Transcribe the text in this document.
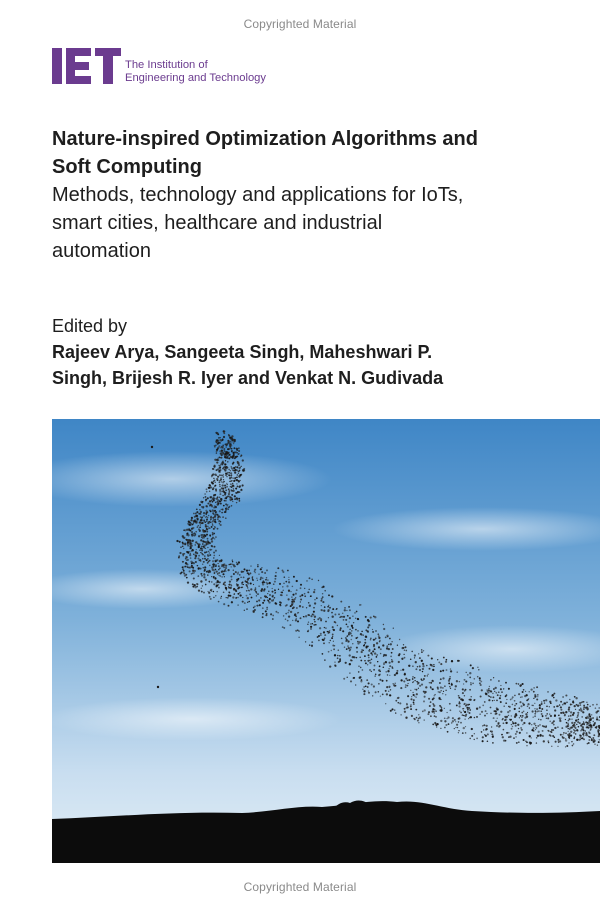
Copyrighted Material
The Institution of
Engineering and Technology
Nature-inspired Optimization Algorithms and
Soft Computing
Methods, technology and applications for IoTs,
smart cities, healthcare and industrial
automation
Edited by
Rajeev Arya, Sangeeta Singh, Maheshwari P.
Singh, Brijesh R. Iyer and Venkat N. Gudivada
Copyrighted Material
